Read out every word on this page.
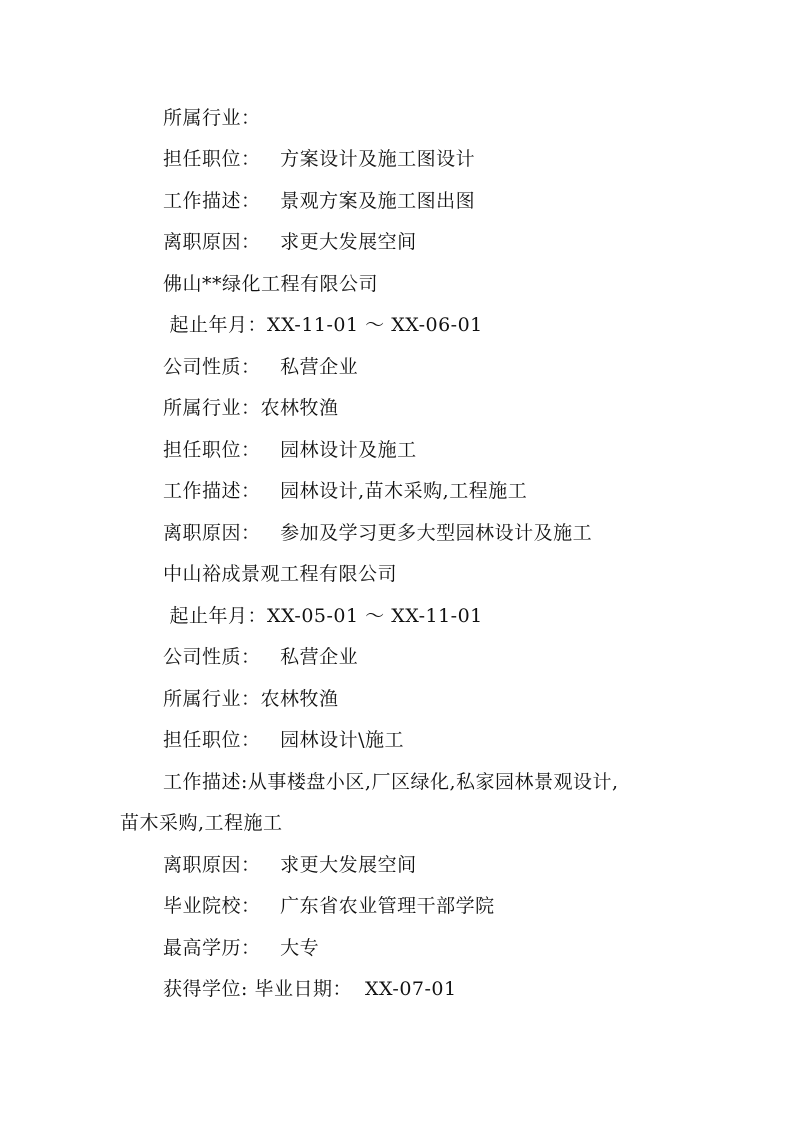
所属行业：
担任职位：   方案设计及施工图设计
工作描述：   景观方案及施工图出图
离职原因：   求更大发展空间
佛山**绿化工程有限公司
起止年月：XX-11-01 ～ XX-06-01
公司性质：   私营企业
所属行业：农林牧渔
担任职位：   园林设计及施工
工作描述：   园林设计,苗木采购,工程施工
离职原因：   参加及学习更多大型园林设计及施工
中山裕成景观工程有限公司
起止年月：XX-05-01 ～ XX-11-01
公司性质：   私营企业
所属行业：农林牧渔
担任职位：   园林设计\施工
工作描述:从事楼盘小区,厂区绿化,私家园林景观设计,
苗木采购,工程施工
离职原因：   求更大发展空间
毕业院校：   广东省农业管理干部学院
最高学历：   大专
获得学位: 毕业日期：  XX-07-01
